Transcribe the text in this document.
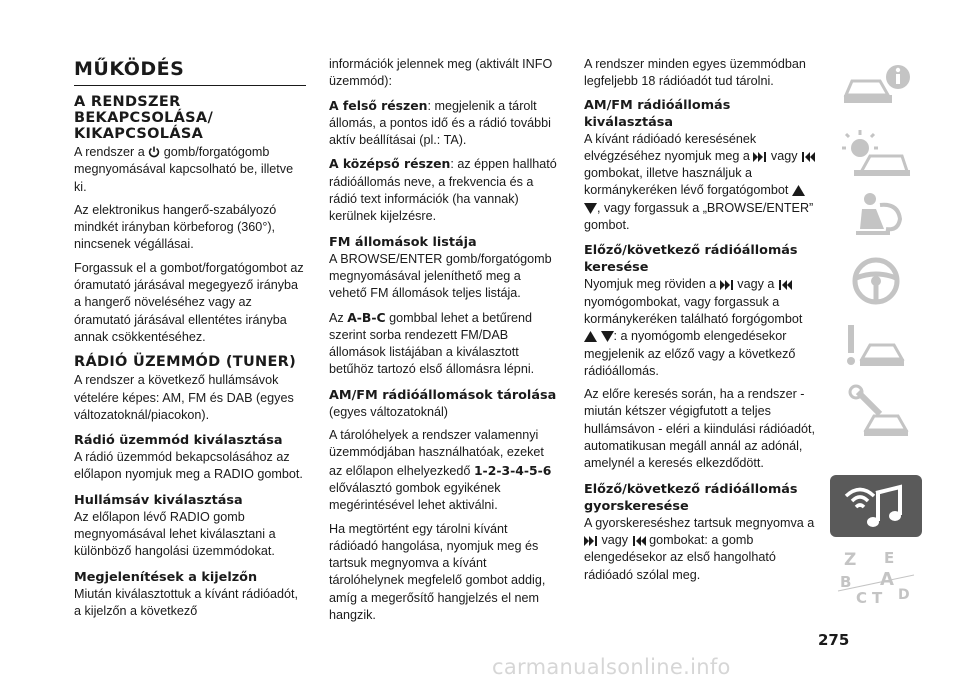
MŰKÖDÉS
A RENDSZER BEKAPCSOLÁSA/ KIKAPCSOLÁSA

A rendszer a  gomb/forgatógomb megnyomásával kapcsolható be, illetve ki.

Az elektronikus hangerő-szabályozó mindkét irányban körbeforog (360°), nincsenek végállásai.

Forgassuk el a gombot/forgatógombot az óramutató járásával megegyező irányba a hangerő növeléséhez vagy az óramutató járásával ellentétes irányba annak csökkentéséhez.

RÁDIÓ ÜZEMMÓD (TUNER)

A rendszer a következő hullámsávok vételére képes: AM, FM és DAB (egyes változatoknál/piacokon).

Rádió üzemmód kiválasztása

A rádió üzemmód bekapcsolásához az előlapon nyomjuk meg a RADIO gombot.

Hullámsáv kiválasztása

Az előlapon lévő RADIO gomb megnyomásával lehet kiválasztani a különböző hangolási üzemmódokat.

Megjelenítések a kijelzőn

Miután kiválasztottuk a kívánt rádióadót, a kijelzőn a következő

információk jelennek meg (aktivált INFO üzemmód):

A felső részen: megjelenik a tárolt állomás, a pontos idő és a rádió további aktív beállításai (pl.: TA).

A középső részen: az éppen hallható rádióállomás neve, a frekvencia és a rádió text információk (ha vannak) kerülnek kijelzésre.

FM állomások listája

A BROWSE/ENTER gomb/forgatógomb megnyomásával jeleníthető meg a vehető FM állomások teljes listája.

Az A-B-C gombbal lehet a betűrend szerint sorba rendezett FM/DAB állomások listájában a kiválasztott betűhöz tartozó első állomásra lépni.

AM/FM rádióállomások tárolása

(egyes változatoknál)

A tárolóhelyek a rendszer valamennyi üzemmódjában használhatóak, ezeket az előlapon elhelyezkedő 1-2-3-4-5-6 előválasztó gombok egyikének megérintésével lehet aktiválni.

Ha megtörtént egy tárolni kívánt rádióadó hangolása, nyomjuk meg és tartsuk megnyomva a kívánt tárolóhelynek megfelelő gombot addig, amíg a megerősítő hangjelzés el nem hangzik.

A rendszer minden egyes üzemmódban legfeljebb 18 rádióadót tud tárolni.

AM/FM rádióállomás kiválasztása

A kívánt rádióadó keresésének elvégzéséhez nyomjuk meg a  vagy  gombokat, illetve használjuk a kormánykeréken lévő forgatógombot  , vagy forgassuk a „BROWSE/ENTER” gombot.

Előző/következő rádióállomás keresése

Nyomjuk meg röviden a  vagy a  nyomógombokat, vagy forgassuk a kormánykeréken található forgógombot  : a nyomógomb elengedésekor megjelenik az előző vagy a következő rádióállomás.

Az előre keresés során, ha a rendszer - miután kétszer végigfutott a teljes hullámsávon - eléri a kiindulási rádióadót, automatikusan megáll annál az adónál, amelynél a keresés elkezdődött.

Előző/következő rádióállomás gyorskeresése

A gyorskereséshez tartsuk megnyomva a  vagy  gombokat: a gomb elengedésekor az első hangolható rádióadó szólal meg.

Z E
B A
C T D
275
carmanualsonline.info
